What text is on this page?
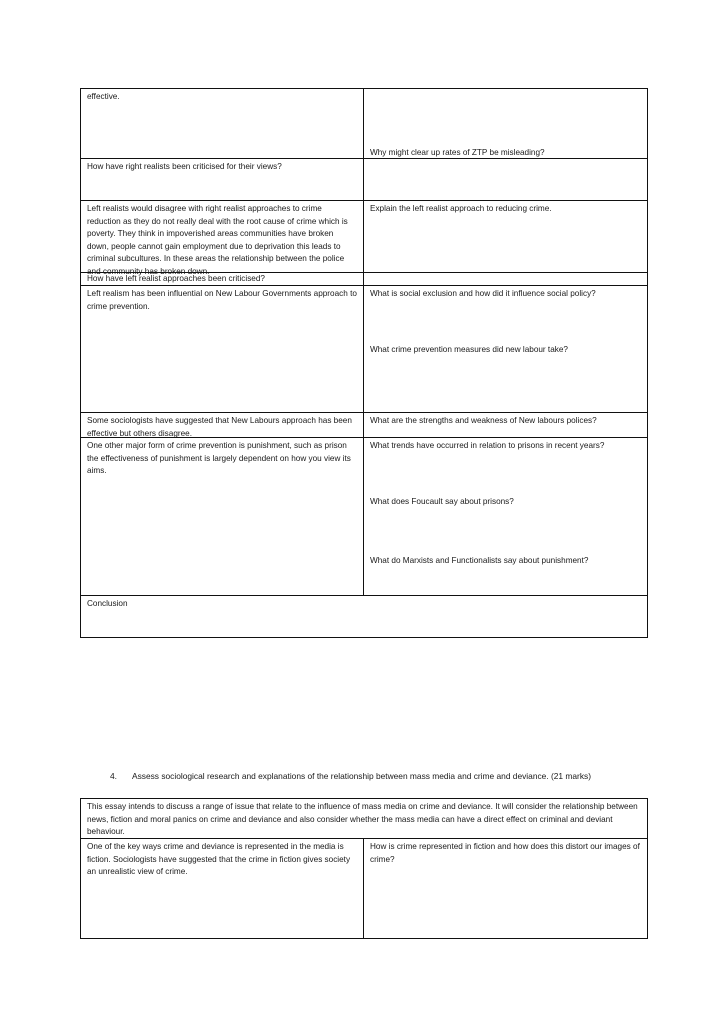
effective.
Why might clear up rates of ZTP be misleading?
How have right realists been criticised for their views?
Left realists would disagree with right realist approaches to crime reduction as they do not really deal with the root cause of crime which is poverty. They think in impoverished areas communities have broken down, people cannot gain employment due to deprivation this leads to criminal subcultures. In these areas the relationship between the police and community has broken down.
Explain the left realist approach to reducing crime.
How have left realist approaches been criticised?
Left realism has been influential on New Labour Governments approach to crime prevention.
What is social exclusion and how did it influence social policy?
What crime prevention measures did new labour take?
Some sociologists have suggested that New Labours approach has been effective but others disagree.
What are the strengths and weakness of New labours polices?
One other major form of crime prevention is punishment, such as prison the effectiveness of punishment is largely dependent on how you view its aims.
What trends have occurred in relation to prisons in recent years?
What does Foucault say about prisons?
What do Marxists and Functionalists say about punishment?
Conclusion
4. Assess sociological research and explanations of the relationship between mass media and crime and deviance. (21 marks)
This essay intends to discuss a range of issue that relate to the influence of mass media on crime and deviance. It will consider the relationship between news, fiction and moral panics on crime and deviance and also consider whether the mass media can have a direct effect on criminal and deviant behaviour.
One of the key ways crime and deviance is represented in the media is fiction. Sociologists have suggested that the crime in fiction gives society an unrealistic view of crime.
How is crime represented in fiction and how does this distort our images of crime?
